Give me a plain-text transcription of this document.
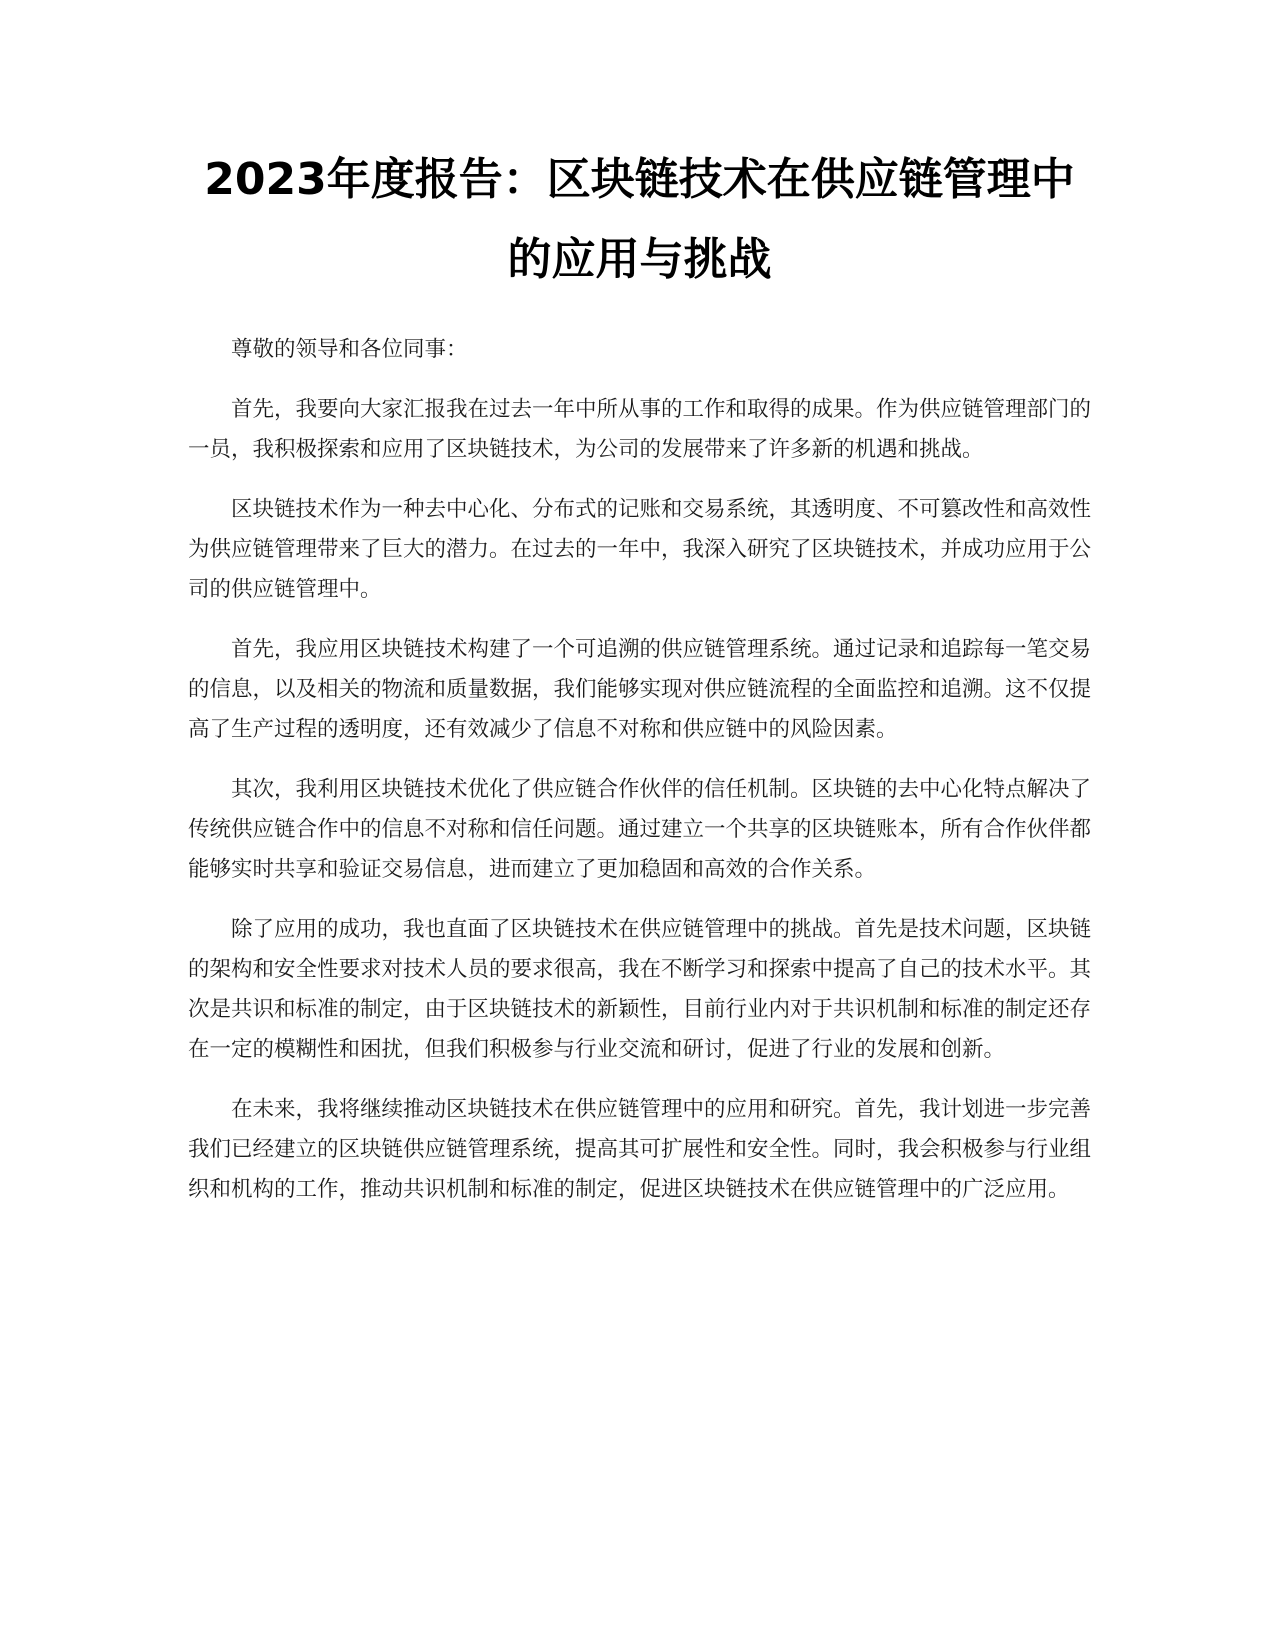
2023年度报告：区块链技术在供应链管理中的应用与挑战

尊敬的领导和各位同事：

首先，我要向大家汇报我在过去一年中所从事的工作和取得的成果。作为供应链管理部门的一员，我积极探索和应用了区块链技术，为公司的发展带来了许多新的机遇和挑战。

区块链技术作为一种去中心化、分布式的记账和交易系统，其透明度、不可篡改性和高效性为供应链管理带来了巨大的潜力。在过去的一年中，我深入研究了区块链技术，并成功应用于公司的供应链管理中。

首先，我应用区块链技术构建了一个可追溯的供应链管理系统。通过记录和追踪每一笔交易的信息，以及相关的物流和质量数据，我们能够实现对供应链流程的全面监控和追溯。这不仅提高了生产过程的透明度，还有效减少了信息不对称和供应链中的风险因素。

其次，我利用区块链技术优化了供应链合作伙伴的信任机制。区块链的去中心化特点解决了传统供应链合作中的信息不对称和信任问题。通过建立一个共享的区块链账本，所有合作伙伴都能够实时共享和验证交易信息，进而建立了更加稳固和高效的合作关系。

除了应用的成功，我也直面了区块链技术在供应链管理中的挑战。首先是技术问题，区块链的架构和安全性要求对技术人员的要求很高，我在不断学习和探索中提高了自己的技术水平。其次是共识和标准的制定，由于区块链技术的新颖性，目前行业内对于共识机制和标准的制定还存在一定的模糊性和困扰，但我们积极参与行业交流和研讨，促进了行业的发展和创新。

在未来，我将继续推动区块链技术在供应链管理中的应用和研究。首先，我计划进一步完善我们已经建立的区块链供应链管理系统，提高其可扩展性和安全性。同时，我会积极参与行业组织和机构的工作，推动共识机制和标准的制定，促进区块链技术在供应链管理中的广泛应用。
